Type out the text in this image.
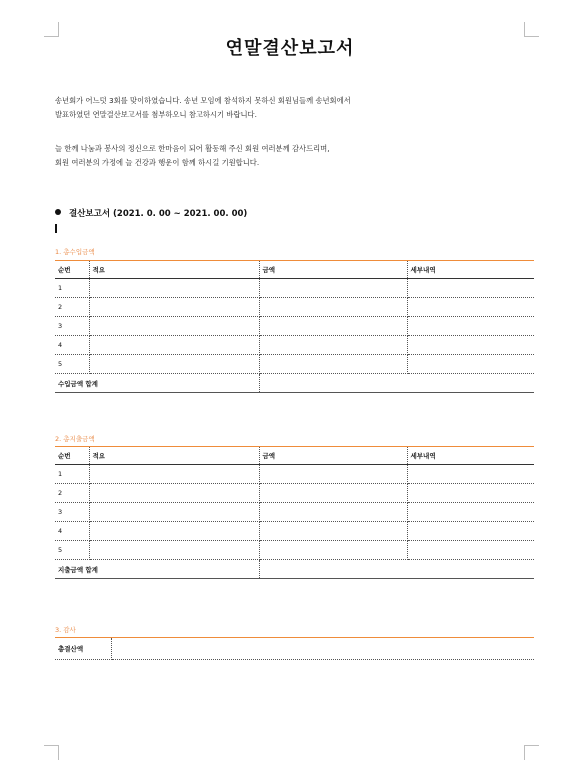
연말결산보고서
송년회가 어느덧 3회를 맞이하였습니다. 송년 모임에 참석하지 못하신 회원님들께 송년회에서
발표하였던 연말결산보고서를 첨부하오니 참고하시기 바랍니다.
늘 한께 나눔과 봉사의 정신으로 한마음이 되어 활동해 주신 회원 여러분께 감사드리며,
회원 여러분의 가정에 늘 건강과 행운이 함께 하시길 기원합니다.
결산보고서 (2021. 0. 00 ~ 2021. 00. 00)
1. 총수입금액
순번	적요	금액	세부내역
1			
2			
3			
4			
5			
수입금액 합계			
2. 총지출금액
순번	적요	금액	세부내역
1			
2			
3			
4			
5			
지출금액 합계			
3. 감사
총결산액	
